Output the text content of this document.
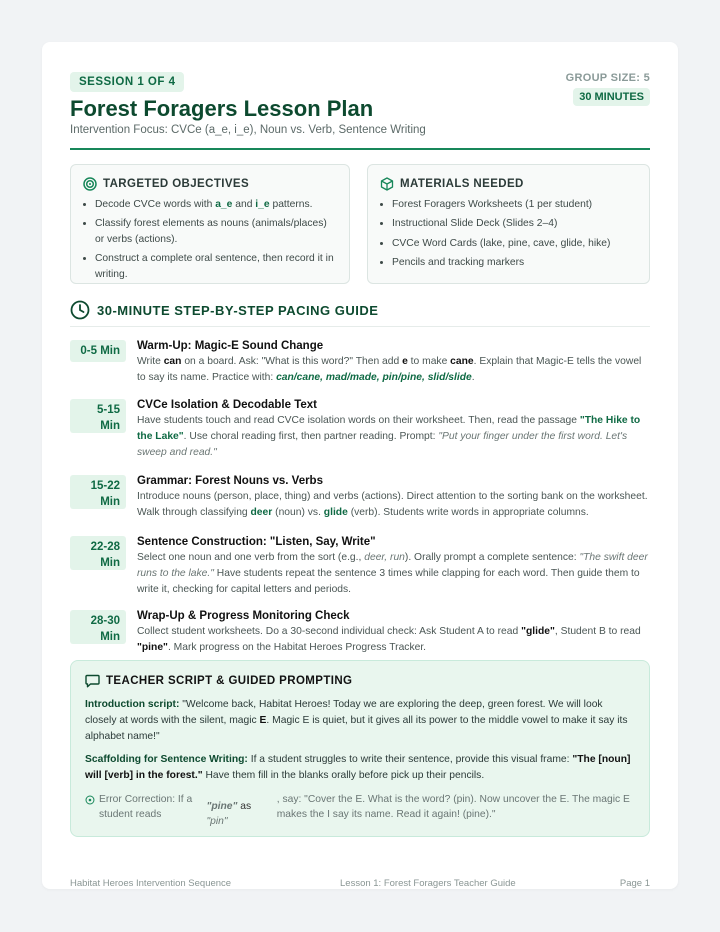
SESSION 1 OF 4	GROUP SIZE: 5
30 MINUTES
Forest Foragers Lesson Plan
Intervention Focus: CVCe (a_e, i_e), Noun vs. Verb, Sentence Writing
TARGETED OBJECTIVES
• Decode CVCe words with a_e and i_e patterns.
• Classify forest elements as nouns (animals/places) or verbs (actions).
• Construct a complete oral sentence, then record it in writing.
MATERIALS NEEDED
• Forest Foragers Worksheets (1 per student)
• Instructional Slide Deck (Slides 2–4)
• CVCe Word Cards (lake, pine, cave, glide, hike)
• Pencils and tracking markers
30-MINUTE STEP-BY-STEP PACING GUIDE
0-5 Min	Warm-Up: Magic-E Sound Change
Write can on a board. Ask: "What is this word?" Then add e to make cane. Explain that Magic-E tells the vowel to say its name. Practice with: can/cane, mad/made, pin/pine, slid/slide.
5-15 Min
CVCe Isolation & Decodable Text
Have students touch and read CVCe isolation words on their worksheet. Then, read the passage "The Hike to the Lake". Use choral reading first, then partner reading. Prompt: "Put your finger under the first word. Let's sweep and read."
15-22 Min
Grammar: Forest Nouns vs. Verbs
Introduce nouns (person, place, thing) and verbs (actions). Direct attention to the sorting bank on the worksheet. Walk through classifying deer (noun) vs. glide (verb). Students write words in appropriate columns.
22-28 Min
Sentence Construction: "Listen, Say, Write"
Select one noun and one verb from the sort (e.g., deer, run). Orally prompt a complete sentence: "The swift deer runs to the lake." Have students repeat the sentence 3 times while clapping for each word. Then guide them to write it, checking for capital letters and periods.
28-30 Min
Wrap-Up & Progress Monitoring Check
Collect student worksheets. Do a 30-second individual check: Ask Student A to read "glide", Student B to read "pine". Mark progress on the Habitat Heroes Progress Tracker.
TEACHER SCRIPT & GUIDED PROMPTING

Introduction script: "Welcome back, Habitat Heroes! Today we are exploring the deep, green forest. We will look closely at words with the silent, magic E. Magic E is quiet, but it gives all its power to the middle vowel to make it say its alphabet name!"

Scaffolding for Sentence Writing: If a student struggles to write their sentence, provide this visual frame: "The [noun] will [verb] in the forest." Have them fill in the blanks orally before pick up their pencils.

Error Correction: If a student reads
"pine" as "pin"
, say: "Cover the E. What is the word? (pin). Now uncover the E. The magic E makes the I say its name. Read it again! (pine)."
Habitat Heroes Intervention Sequence	Lesson 1: Forest Foragers Teacher Guide	Page 1
